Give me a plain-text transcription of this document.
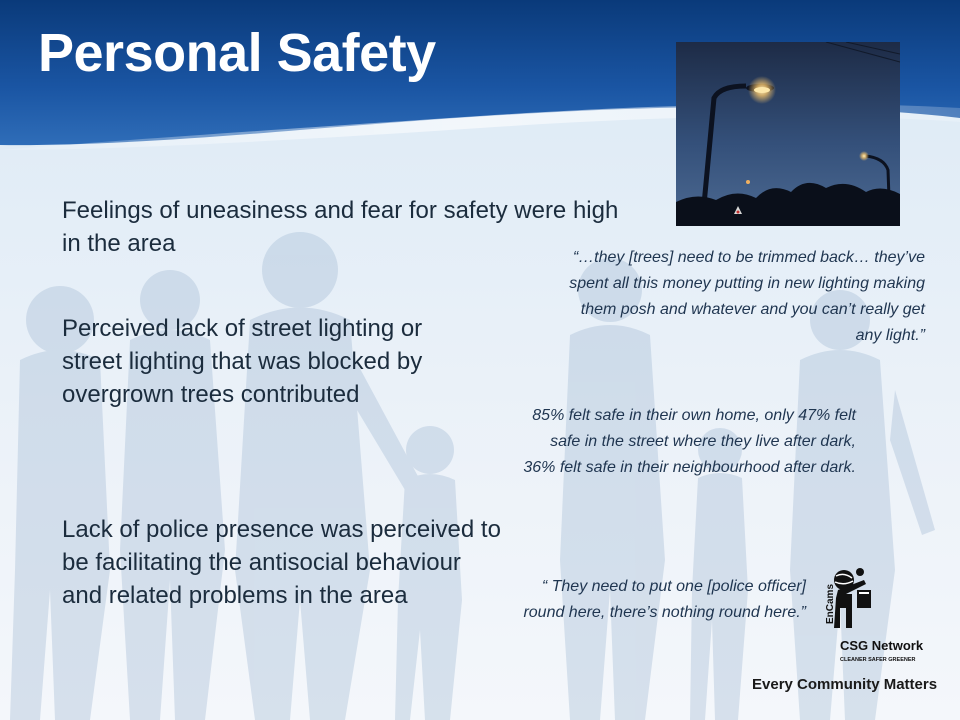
Personal Safety

Feelings of uneasiness and fear for safety were high in the area

Perceived lack of street lighting or street lighting that was blocked by overgrown trees contributed

Lack of police presence was perceived to be facilitating the antisocial behaviour and related problems in the area

“…they [trees] need to be trimmed back… they’ve spent all this money putting in new lighting making them posh and whatever and you can’t really get any light.”

85% felt safe in their own home, only 47% felt safe in the street where they live after dark, 36% felt safe in their neighbourhood after dark.

“ They need to put one [police officer] round here, there’s nothing round here.” EnCams
CSG Network
CLEANER SAFER GREENER

Every Community Matters
